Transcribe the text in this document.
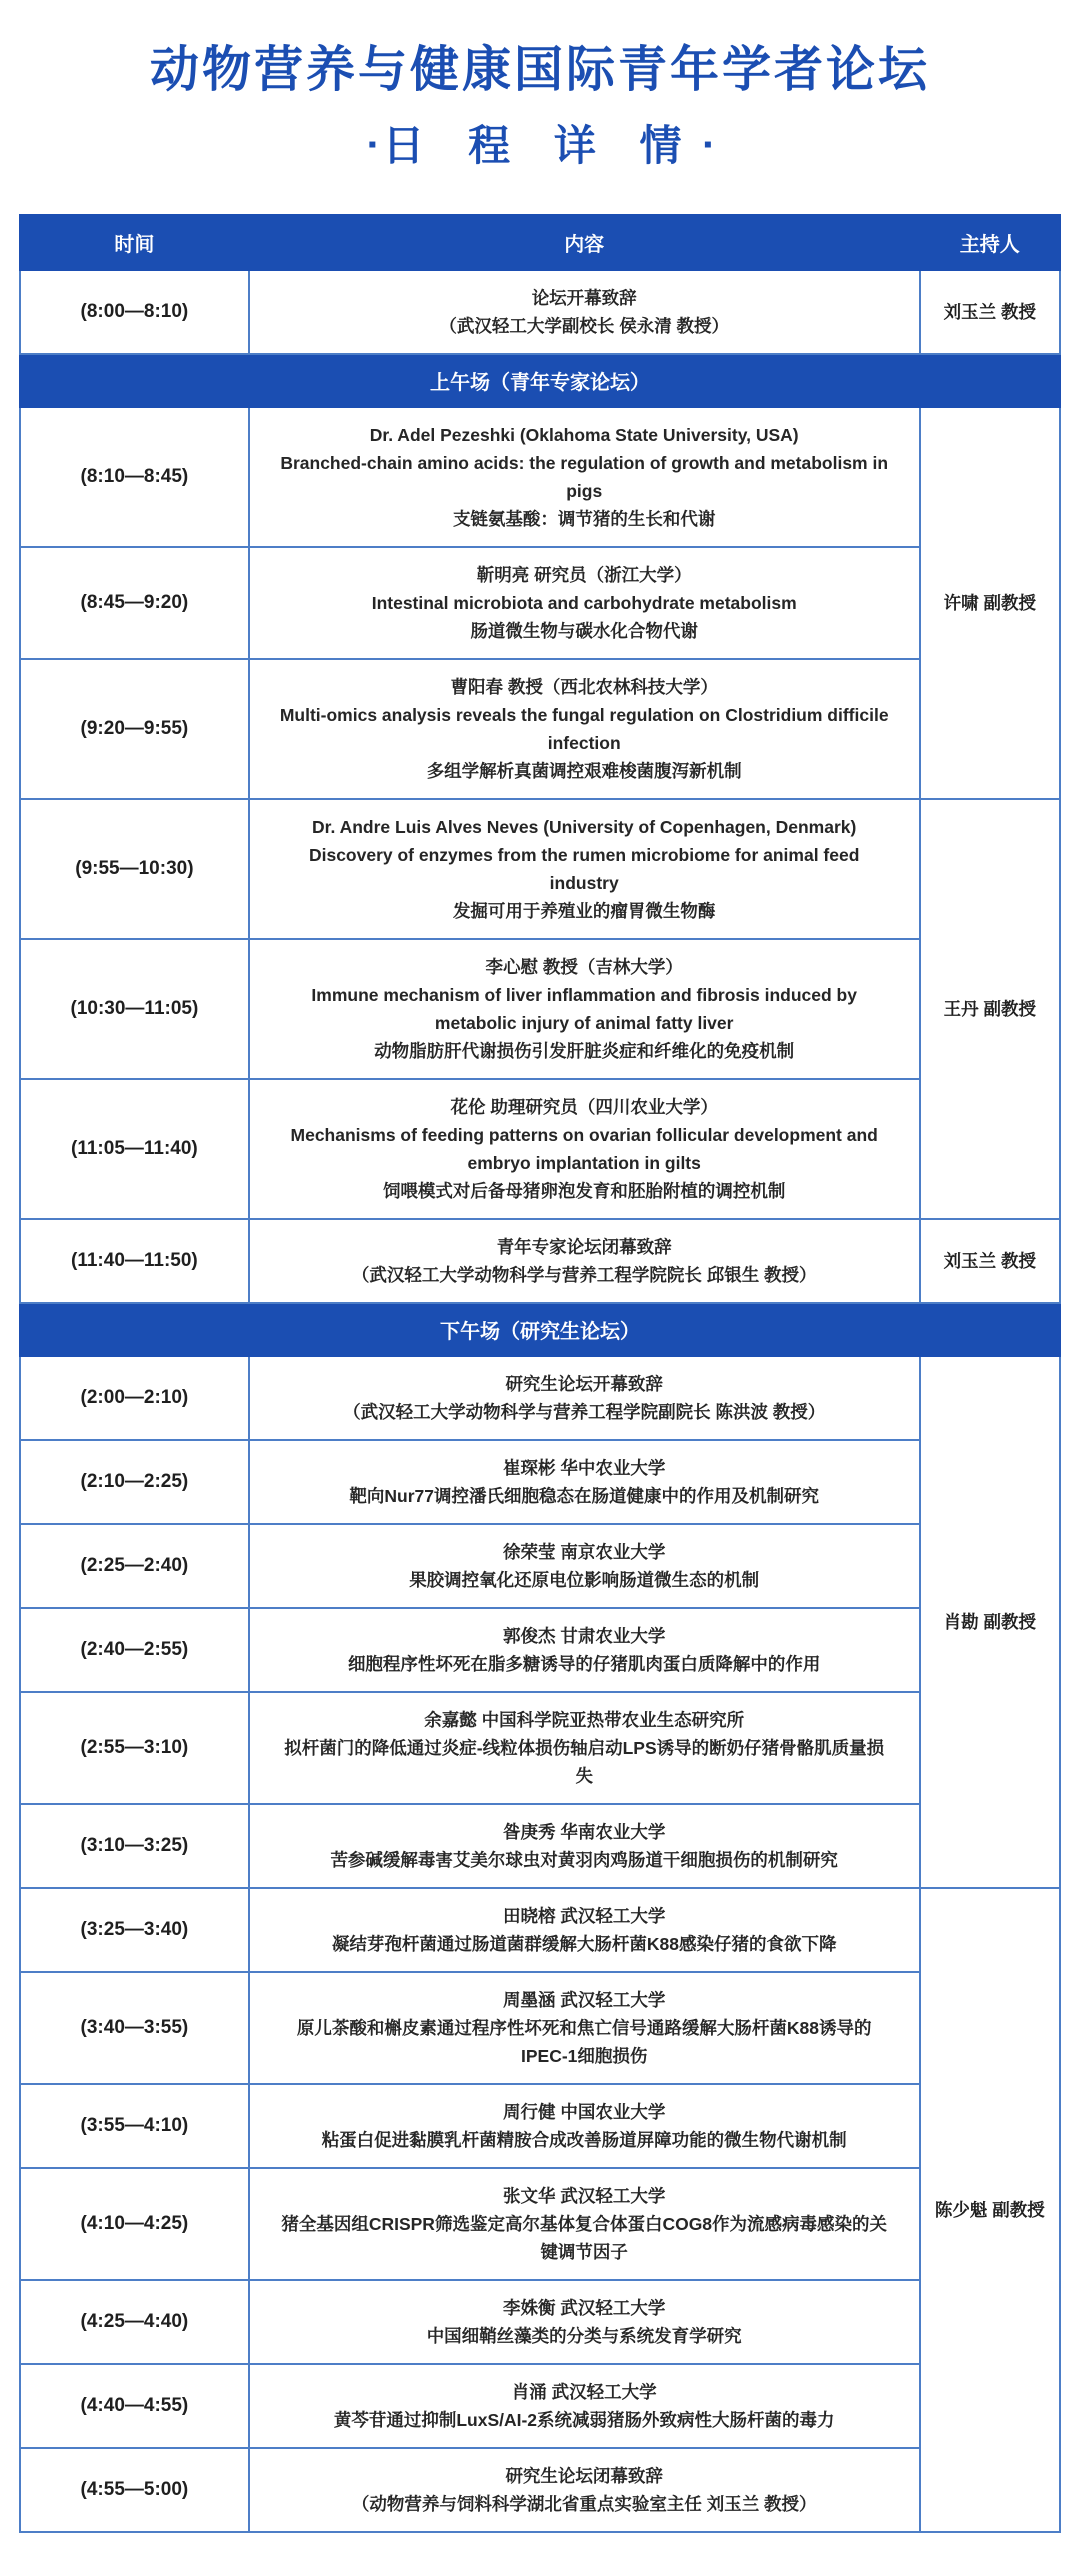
动物营养与健康国际青年学者论坛
▪ 日 程 详 情 ▪
时间	内容	主持人
(8:00—8:10)	论坛开幕致辞
（武汉轻工大学副校长 侯永清 教授）	刘玉兰 教授
上午场（青年专家论坛）		
(8:10—8:45)	Dr. Adel Pezeshki (Oklahoma State University, USA)
Branched-chain amino acids: the regulation of growth and metabolism in pigs
支链氨基酸：调节猪的生长和代谢	许啸 副教授
(8:45—9:20)	靳明亮 研究员（浙江大学）
Intestinal microbiota and carbohydrate metabolism
肠道微生物与碳水化合物代谢	

(9:20—9:55)	曹阳春 教授（西北农林科技大学）
Multi-omics analysis reveals the fungal regulation on Clostridium difficile infection
多组学解析真菌调控艰难梭菌腹泻新机制	

(9:55—10:30)	Dr. Andre Luis Alves Neves (University of Copenhagen, Denmark)
Discovery of enzymes from the rumen microbiome for animal feed industry
发掘可用于养殖业的瘤胃微生物酶	王丹 副教授
(10:30—11:05)	李心慰 教授（吉林大学）
Immune mechanism of liver inflammation and fibrosis induced by metabolic injury of animal fatty liver
动物脂肪肝代谢损伤引发肝脏炎症和纤维化的免疫机制	

(11:05—11:40)	花伦 助理研究员（四川农业大学）
Mechanisms of feeding patterns on ovarian follicular development and embryo implantation in gilts
饲喂模式对后备母猪卵泡发育和胚胎附植的调控机制	

(11:40—11:50)	青年专家论坛闭幕致辞
（武汉轻工大学动物科学与营养工程学院院长 邱银生 教授）	刘玉兰 教授
下午场（研究生论坛）		
(2:00—2:10)	研究生论坛开幕致辞
（武汉轻工大学动物科学与营养工程学院副院长 陈洪波 教授）	肖勘 副教授
(2:10—2:25)	崔琛彬 华中农业大学
靶向Nur77调控潘氏细胞稳态在肠道健康中的作用及机制研究	

(2:25—2:40)	徐荣莹 南京农业大学
果胶调控氧化还原电位影响肠道微生态的机制	

(2:40—2:55)	郭俊杰 甘肃农业大学
细胞程序性坏死在脂多糖诱导的仔猪肌肉蛋白质降解中的作用	

(2:55—3:10)	余嘉懿 中国科学院亚热带农业生态研究所
拟杆菌门的降低通过炎症-线粒体损伤轴启动LPS诱导的断奶仔猪骨骼肌质量损失	

(3:10—3:25)	昝庚秀 华南农业大学
苦参碱缓解毒害艾美尔球虫对黄羽肉鸡肠道干细胞损伤的机制研究	

(3:25—3:40)	田晓榕 武汉轻工大学
凝结芽孢杆菌通过肠道菌群缓解大肠杆菌K88感染仔猪的食欲下降	陈少魁 副教授
(3:40—3:55)	周墨涵 武汉轻工大学
原儿茶酸和槲皮素通过程序性坏死和焦亡信号通路缓解大肠杆菌K88诱导的IPEC-1细胞损伤	

(3:55—4:10)	周行健 中国农业大学
粘蛋白促进黏膜乳杆菌精胺合成改善肠道屏障功能的微生物代谢机制	

(4:10—4:25)	张文华 武汉轻工大学
猪全基因组CRISPR筛选鉴定高尔基体复合体蛋白COG8作为流感病毒感染的关键调节因子	

(4:25—4:40)	李姝衡 武汉轻工大学
中国细鞘丝藻类的分类与系统发育学研究	

(4:40—4:55)	肖涌 武汉轻工大学
黄芩苷通过抑制LuxS/AI-2系统减弱猪肠外致病性大肠杆菌的毒力	

(4:55—5:00)	研究生论坛闭幕致辞
（动物营养与饲料科学湖北省重点实验室主任 刘玉兰 教授）	
